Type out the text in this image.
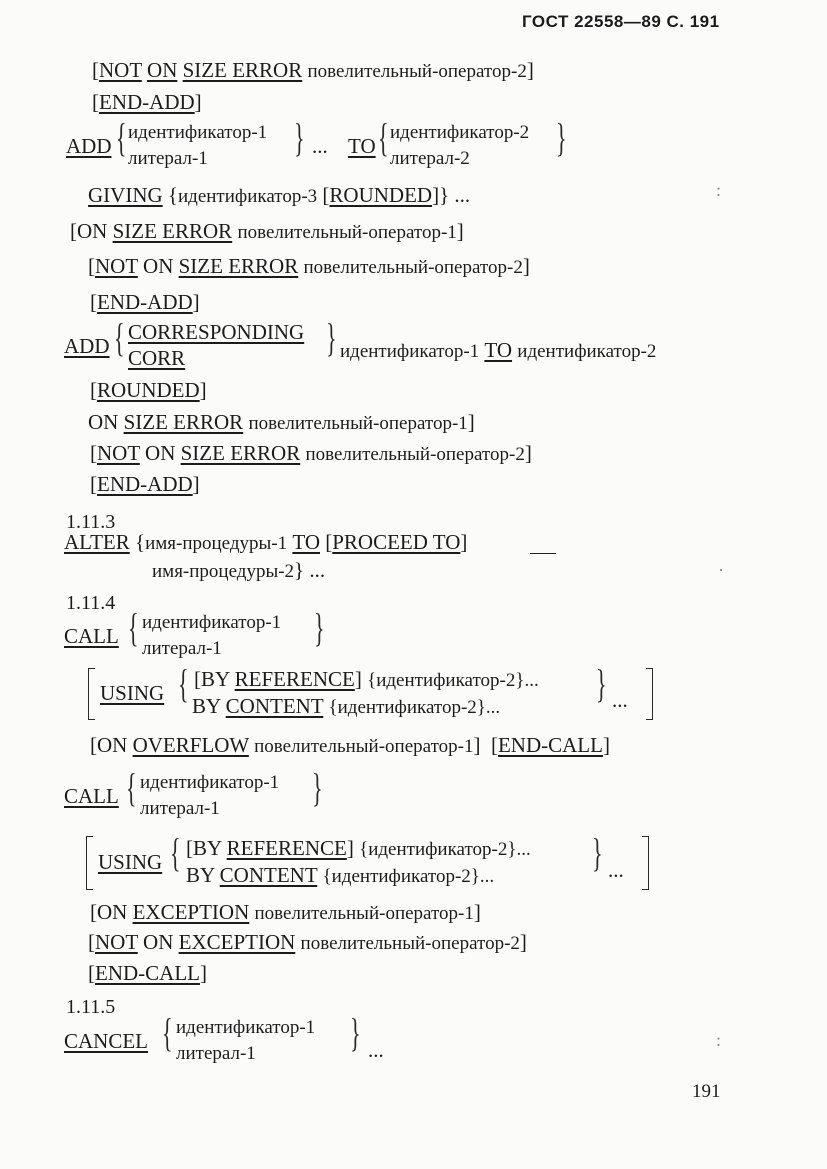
ГОСТ 22558—89 С. 191
191
[NOT ON SIZE ERROR повелительный-оператор-2]
[END-ADD]
ADD { идентификатор-1
литерал-1 } ... TO { идентификатор-2
литерал-2 }
GIVING {идентификатор-3 [ROUNDED]} ...
[ON SIZE ERROR повелительный-оператор-1]
[NOT ON SIZE ERROR повелительный-оператор-2]
[END-ADD]
ADD { CORRESPONDING
CORR	} идентификатор-1 TO идентификатор-2
[ROUNDED]
ON SIZE ERROR повелительный-оператор-1]
[NOT ON SIZE ERROR повелительный-оператор-2]
[END-ADD]
1.11.3
ALTER {имя-процедуры-1 TO [PROCEED TO]
имя-процедуры-2} ...
1.11.4
CALL { идентификатор-1
литерал-1 }
USING { [BY REFERENCE] {идентификатор-2}...
BY CONTENT {идентификатор-2}...
} ...
[ON OVERFLOW повелительный-оператор-1]  [END-CALL]
CALL { идентификатор-1
литерал-1 }
USING { [BY REFERENCE] {идентификатор-2}...
BY CONTENT {идентификатор-2}...
} ...
[ON EXCEPTION повелительный-оператор-1]
[NOT ON EXCEPTION повелительный-оператор-2]
[END-CALL]
1.11.5
CANCEL { идентификатор-1
литерал-1 } ...
:
·
:
